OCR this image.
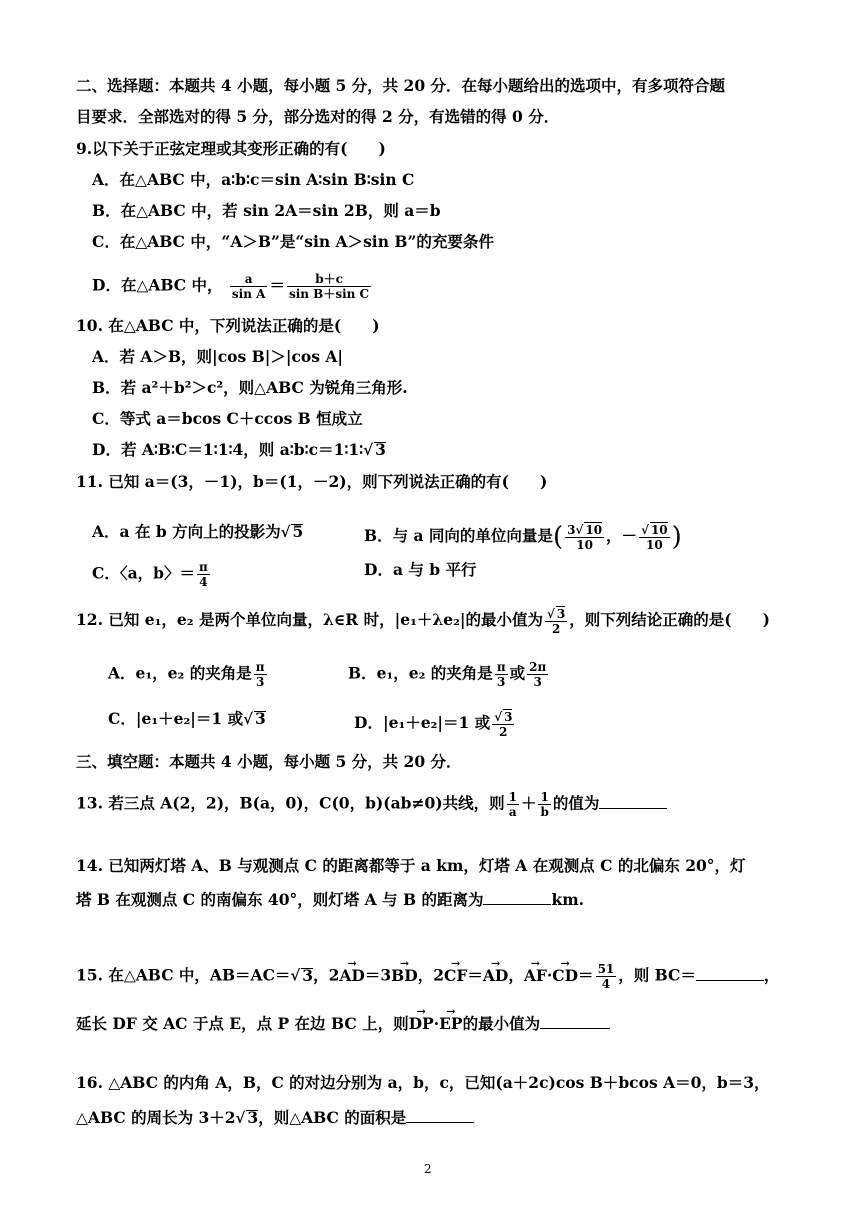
二、选择题：本题共 4 小题，每小题 5 分，共 20 分．在每小题给出的选项中，有多项符合题
目要求．全部选对的得 5 分，部分选对的得 2 分，有选错的得 0 分．
9.以下关于正弦定理或其变形正确的有(　　)
A．在△ABC 中，a∶b∶c＝sin A∶sin B∶sin C
B．在△ABC 中，若 sin 2A＝sin 2B，则 a＝b
C．在△ABC 中，“A＞B”是“sin A＞sin B”的充要条件
D．在△ABC 中， $\frac{a}{\text{sin A}} = \frac{b+c}{\text{sin B＋sin C}}$
10. 在△ABC 中，下列说法正确的是(　　)
A．若 A＞B，则|cos B|＞|cos A|
B．若 a²＋b²＞c²，则△ABC 为锐角三角形.
C．等式 a＝bcos C＋ccos B 恒成立
D．若 A∶B∶C＝1∶1∶4，则 a∶b∶c＝1∶1∶√ 3
11. 已知 a＝(3，－1)，b＝(1，－2)，则下列说法正确的有(　　)
A．a 在 b 方向上的投影为√ 5	B．与 a 同向的单位向量是( $\frac{3√ 10}{10}$ ，－ $\frac{√ 10}{10}$ )
C．〈a，b〉＝ $\frac{\pi}{4}$	D．a 与 b 平行
12. 已知 e₁，e₂ 是两个单位向量，λ∈R 时，|e₁＋λe₂|的最小值为 $\frac{√ 3}{2}$ ，则下列结论正确的是(　　)
A．e₁，e₂ 的夹角是 $\frac{\pi}{3}$	B．e₁，e₂ 的夹角是 $\frac{\pi}{3}$ 或 $\frac{2\pi}{3}$
C．|e₁＋e₂|＝1 或√ 3	D．|e₁＋e₂|＝1 或 $\frac{√ 3}{2}$
三、填空题：本题共 4 小题，每小题 5 分，共 20 分．
13. 若三点 A(2，2)，B(a，0)，C(0，b)(ab≠0)共线，则 $\frac{1}{a} + \frac{1}{b}$ 的值为
14. 已知两灯塔 A、B 与观测点 C 的距离都等于 a km，灯塔 A 在观测点 C 的北偏东 20°，灯
塔 B 在观测点 C 的南偏东 40°，则灯塔 A 与 B 的距离为	km.
15. 在△ABC 中，AB＝AC＝√ 3，2→ AD＝3→ BD，2→ CF＝→ AD，→ $AF\cdot\to CD= \frac{51}{4}$ ，则 BC＝	，
延长 DF 交 AC 于点 E，点 P 在边 BC 上，则→ DP·→ EP的最小值为
16. △ABC 的内角 A，B，C 的对边分别为 a，b，c，已知(a＋2c)cos B＋bcos A＝0，b＝3，
△ABC 的周长为 3＋2√ 3，则△ABC 的面积是
2
